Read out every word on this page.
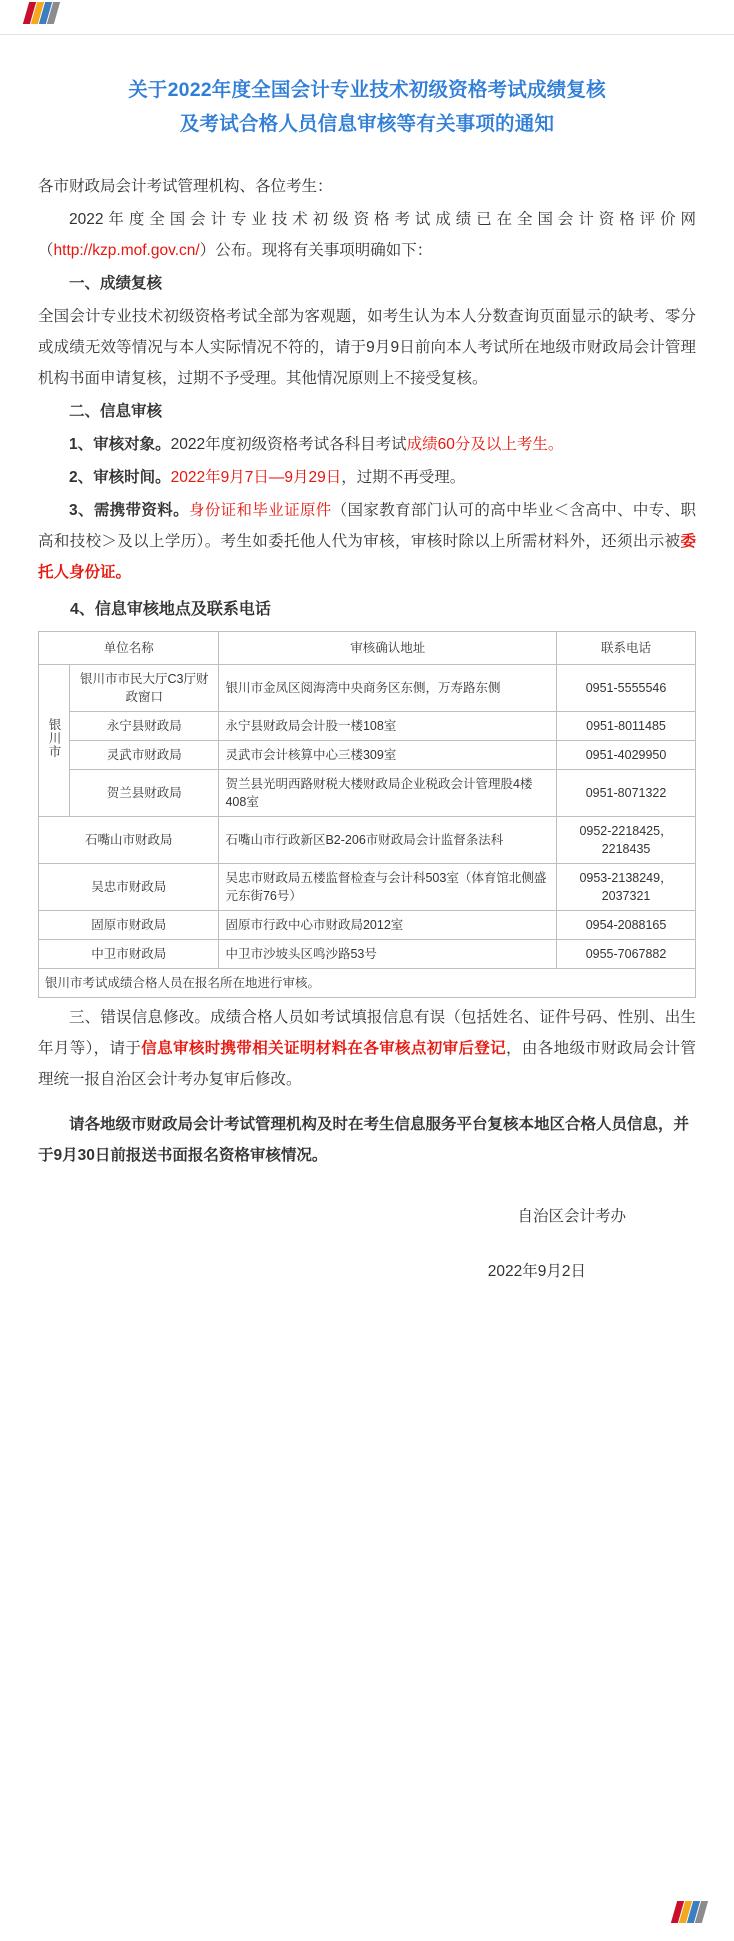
关于2022年度全国会计专业技术初级资格考试成绩复核
及考试合格人员信息审核等有关事项的通知

各市财政局会计考试管理机构、各位考生：

2022年度全国会计专业技术初级资格考试成绩已在全国会计资格评价网（http://kzp.mof.gov.cn/）公布。现将有关事项明确如下：

一、成绩复核

全国会计专业技术初级资格考试全部为客观题，如考生认为本人分数查询页面显示的缺考、零分或成绩无效等情况与本人实际情况不符的，请于9月9日前向本人考试所在地级市财政局会计管理机构书面申请复核，过期不予受理。其他情况原则上不接受复核。

二、信息审核

1、审核对象。2022年度初级资格考试各科目考试成绩60分及以上考生。

2、审核时间。2022年9月7日—9月29日，过期不再受理。

3、需携带资料。身份证和毕业证原件（国家教育部门认可的高中毕业＜含高中、中专、职高和技校＞及以上学历）。考生如委托他人代为审核，审核时除以上所需材料外，还须出示被委托人身份证。

4、信息审核地点及联系电话

单位名称		审核确认地址	联系电话
银川市	银川市市民大厅C3厅财政窗口	银川市金凤区阅海湾中央商务区东侧，万寿路东侧	0951-5555546
	永宁县财政局	永宁县财政局会计股一楼108室	0951-8011485
	灵武市财政局	灵武市会计核算中心三楼309室	0951-4029950
	贺兰县财政局	贺兰县光明西路财税大楼财政局企业税政会计管理股4楼408室	0951-8071322
石嘴山市财政局		石嘴山市行政新区B2-206市财政局会计监督条法科	0952-2218425，2218435
吴忠市财政局		吴忠市财政局五楼监督检查与会计科503室（体育馆北侧盛元东街76号）	0953-2138249，2037321
固原市财政局		固原市行政中心市财政局2012室	0954-2088165
中卫市财政局		中卫市沙坡头区鸣沙路53号	0955-7067882
银川市考试成绩合格人员在报名所在地进行审核。			

三、错误信息修改。成绩合格人员如考试填报信息有误（包括姓名、证件号码、性别、出生年月等），请于信息审核时携带相关证明材料在各审核点初审后登记，由各地级市财政局会计管理统一报自治区会计考办复审后修改。

请各地级市财政局会计考试管理机构及时在考生信息服务平台复核本地区合格人员信息，并于9月30日前报送书面报名资格审核情况。

自治区会计考办

2022年9月2日
